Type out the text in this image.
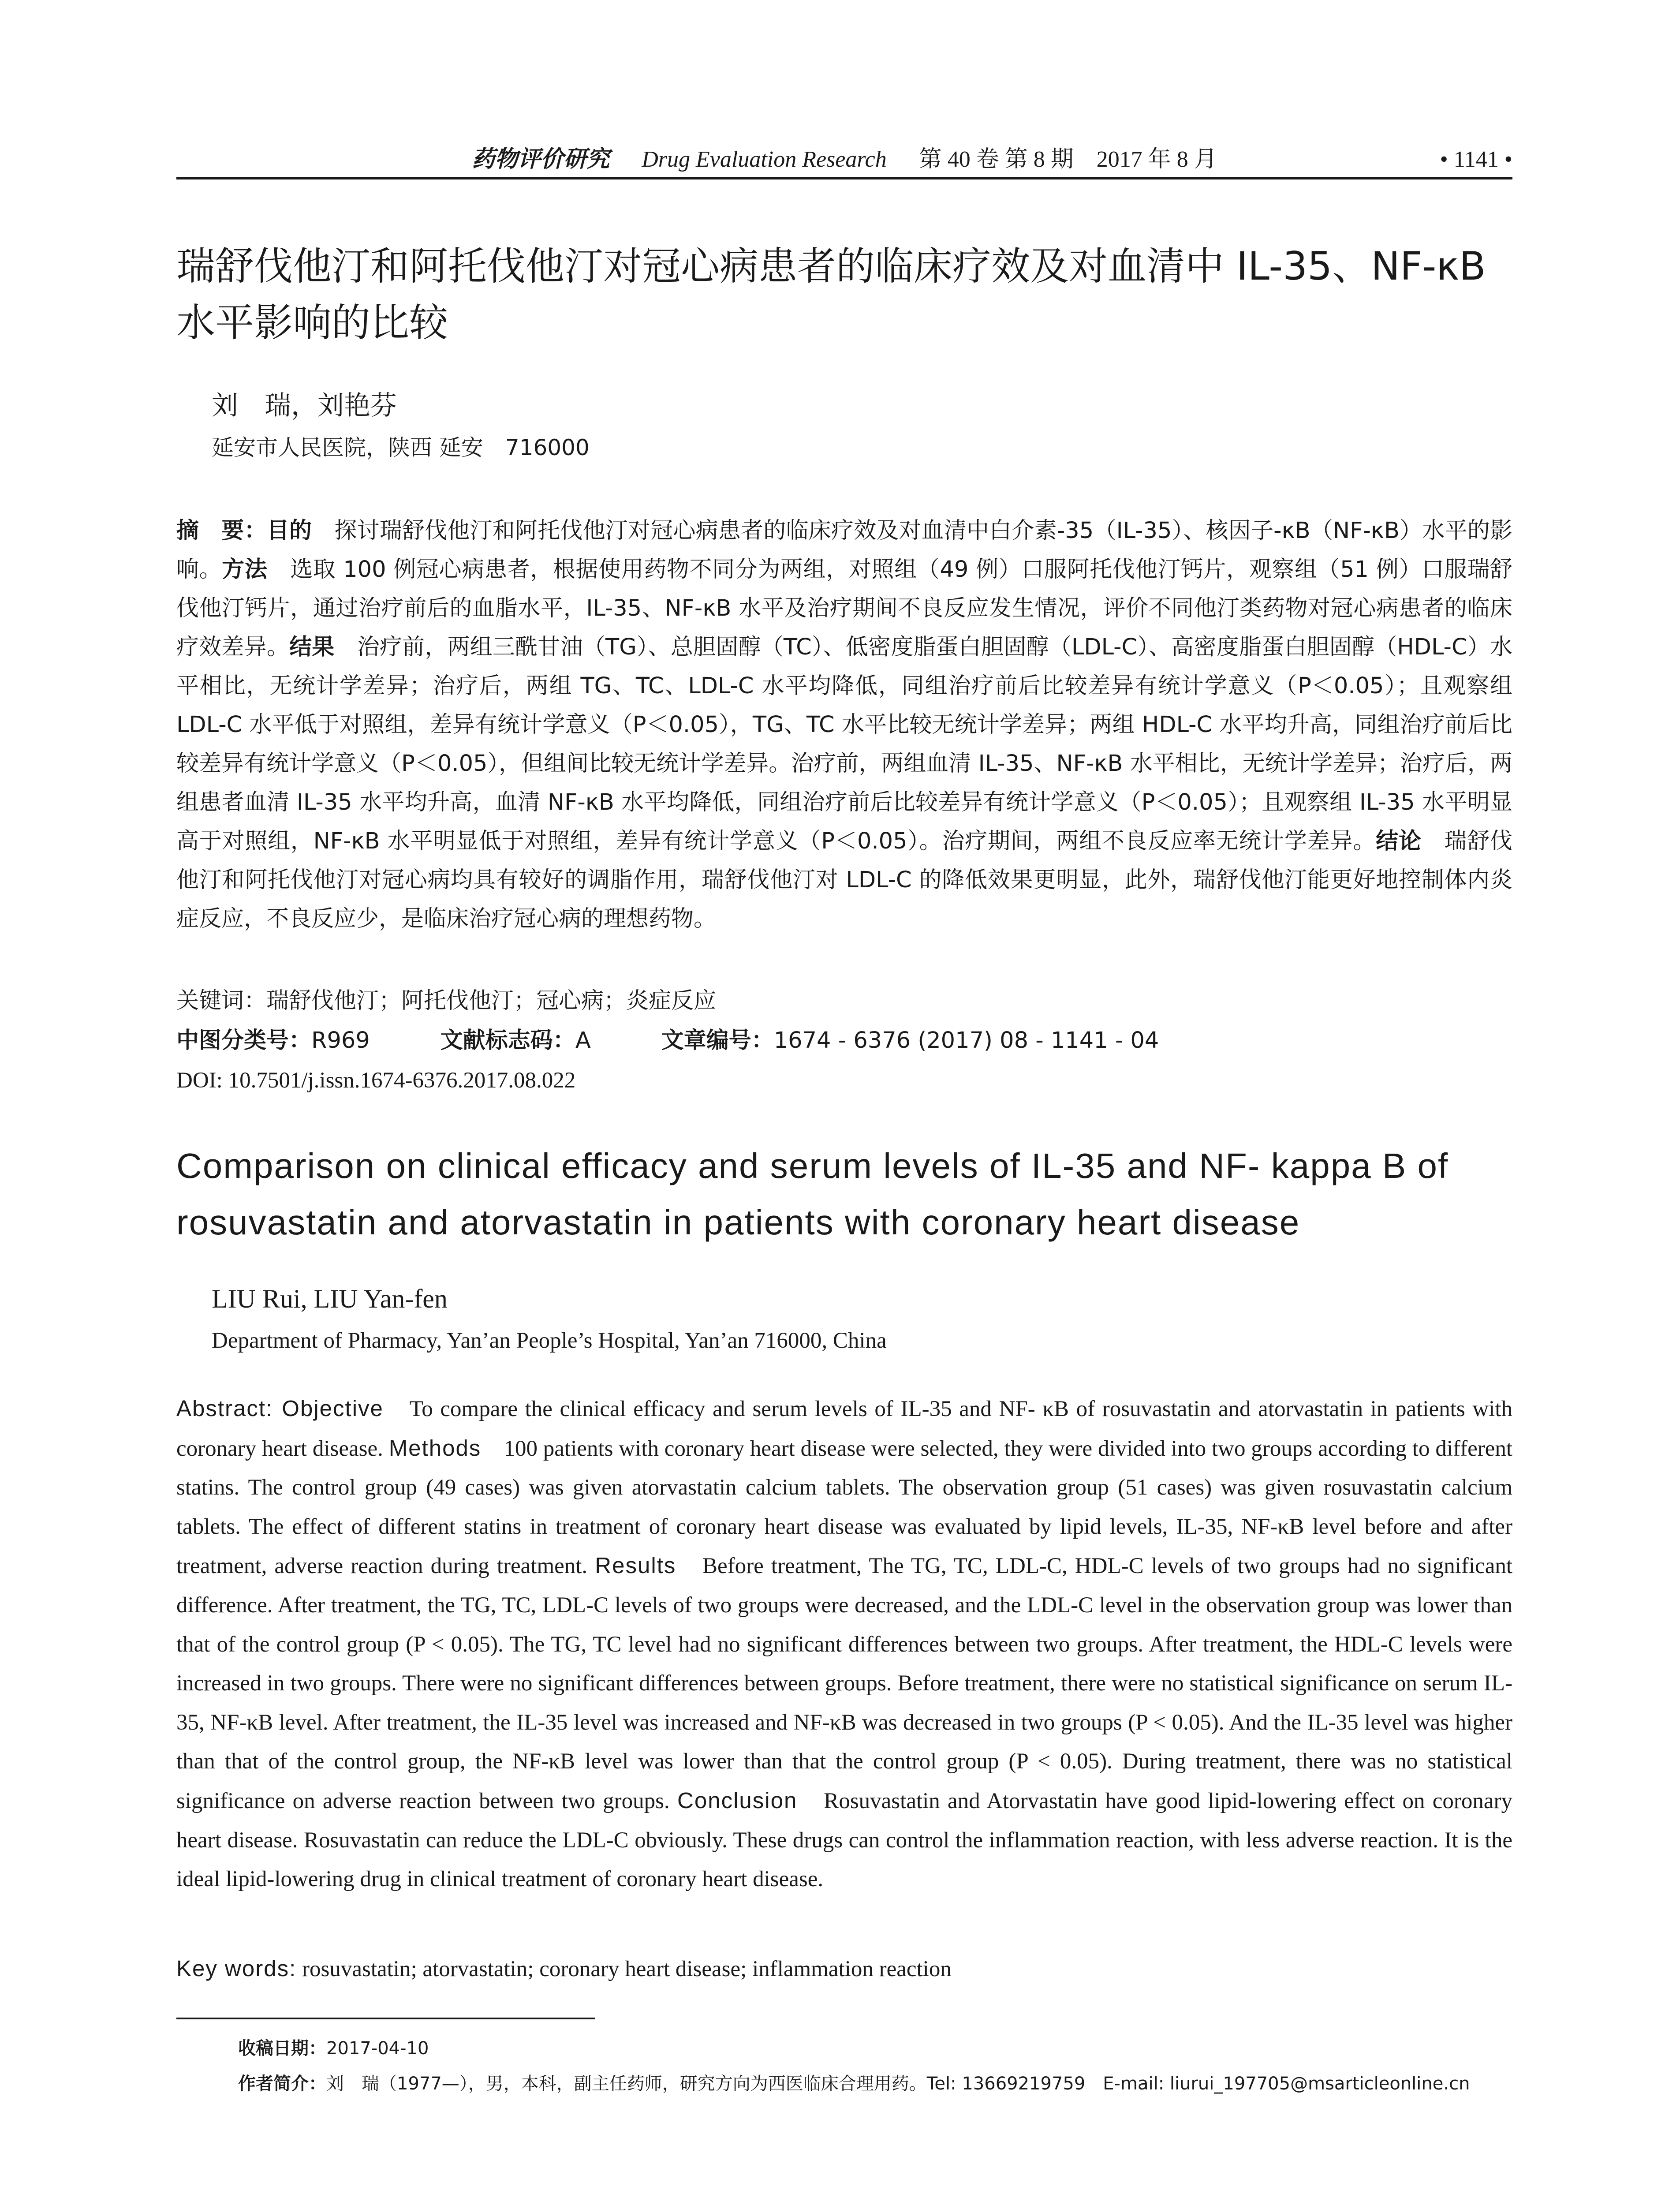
药物评价研究 Drug Evaluation Research 第 40 卷 第 8 期　2017 年 8 月	• 1141 •
瑞舒伐他汀和阿托伐他汀对冠心病患者的临床疗效及对血清中 IL-35、NF-κB 水平影响的比较
刘　瑞，刘艳芬
延安市人民医院，陕西 延安　716000
摘　要：目的　探讨瑞舒伐他汀和阿托伐他汀对冠心病患者的临床疗效及对血清中白介素-35（IL-35）、核因子-κB（NF-κB）水平的影响。方法　选取 100 例冠心病患者，根据使用药物不同分为两组，对照组（49 例）口服阿托伐他汀钙片，观察组（51 例）口服瑞舒伐他汀钙片，通过治疗前后的血脂水平，IL-35、NF-κB 水平及治疗期间不良反应发生情况，评价不同他汀类药物对冠心病患者的临床疗效差异。结果　治疗前，两组三酰甘油（TG）、总胆固醇（TC）、低密度脂蛋白胆固醇（LDL-C）、高密度脂蛋白胆固醇（HDL-C）水平相比，无统计学差异；治疗后，两组 TG、TC、LDL-C 水平均降低，同组治疗前后比较差异有统计学意义（P＜0.05）；且观察组 LDL-C 水平低于对照组，差异有统计学意义（P＜0.05），TG、TC 水平比较无统计学差异；两组 HDL-C 水平均升高，同组治疗前后比较差异有统计学意义（P＜0.05），但组间比较无统计学差异。治疗前，两组血清 IL-35、NF-κB 水平相比，无统计学差异；治疗后，两组患者血清 IL-35 水平均升高，血清 NF-κB 水平均降低，同组治疗前后比较差异有统计学意义（P＜0.05）；且观察组 IL-35 水平明显高于对照组，NF-κB 水平明显低于对照组，差异有统计学意义（P＜0.05）。治疗期间，两组不良反应率无统计学差异。结论　瑞舒伐他汀和阿托伐他汀对冠心病均具有较好的调脂作用，瑞舒伐他汀对 LDL-C 的降低效果更明显，此外，瑞舒伐他汀能更好地控制体内炎症反应，不良反应少，是临床治疗冠心病的理想药物。
关键词：瑞舒伐他汀；阿托伐他汀；冠心病；炎症反应
中图分类号：R969	文献标志码：A	文章编号：1674 - 6376 (2017) 08 - 1141 - 04
DOI: 10.7501/j.issn.1674-6376.2017.08.022
Comparison on clinical efficacy and serum levels of IL-35 and NF- kappa B of rosuvastatin and atorvastatin in patients with coronary heart disease
LIU Rui, LIU Yan-fen
Department of Pharmacy, Yan’an People’s Hospital, Yan’an 716000, China
Abstract: Objective　To compare the clinical efficacy and serum levels of IL-35 and NF- κB of rosuvastatin and atorvastatin in patients with coronary heart disease. Methods　100 patients with coronary heart disease were selected, they were divided into two groups according to different statins. The control group (49 cases) was given atorvastatin calcium tablets. The observation group (51 cases) was given rosuvastatin calcium tablets. The effect of different statins in treatment of coronary heart disease was evaluated by lipid levels, IL-35, NF-κB level before and after treatment, adverse reaction during treatment. Results　Before treatment, The TG, TC, LDL-C, HDL-C levels of two groups had no significant difference. After treatment, the TG, TC, LDL-C levels of two groups were decreased, and the LDL-C level in the observation group was lower than that of the control group (P < 0.05). The TG, TC level had no significant differences between two groups. After treatment, the HDL-C levels were increased in two groups. There were no significant differences between groups. Before treatment, there were no statistical significance on serum IL-35, NF-κB level. After treatment, the IL-35 level was increased and NF-κB was decreased in two groups (P < 0.05). And the IL-35 level was higher than that of the control group, the NF-κB level was lower than that the control group (P < 0.05). During treatment, there was no statistical significance on adverse reaction between two groups. Conclusion　Rosuvastatin and Atorvastatin have good lipid-lowering effect on coronary heart disease. Rosuvastatin can reduce the LDL-C obviously. These drugs can control the inflammation reaction, with less adverse reaction. It is the ideal lipid-lowering drug in clinical treatment of coronary heart disease.
Key words: rosuvastatin; atorvastatin; coronary heart disease; inflammation reaction
收稿日期：2017-04-10
作者简介：刘　瑞（1977—），男，本科，副主任药师，研究方向为西医临床合理用药。Tel: 13669219759　E-mail: liurui_197705@msarticleonline.cn
